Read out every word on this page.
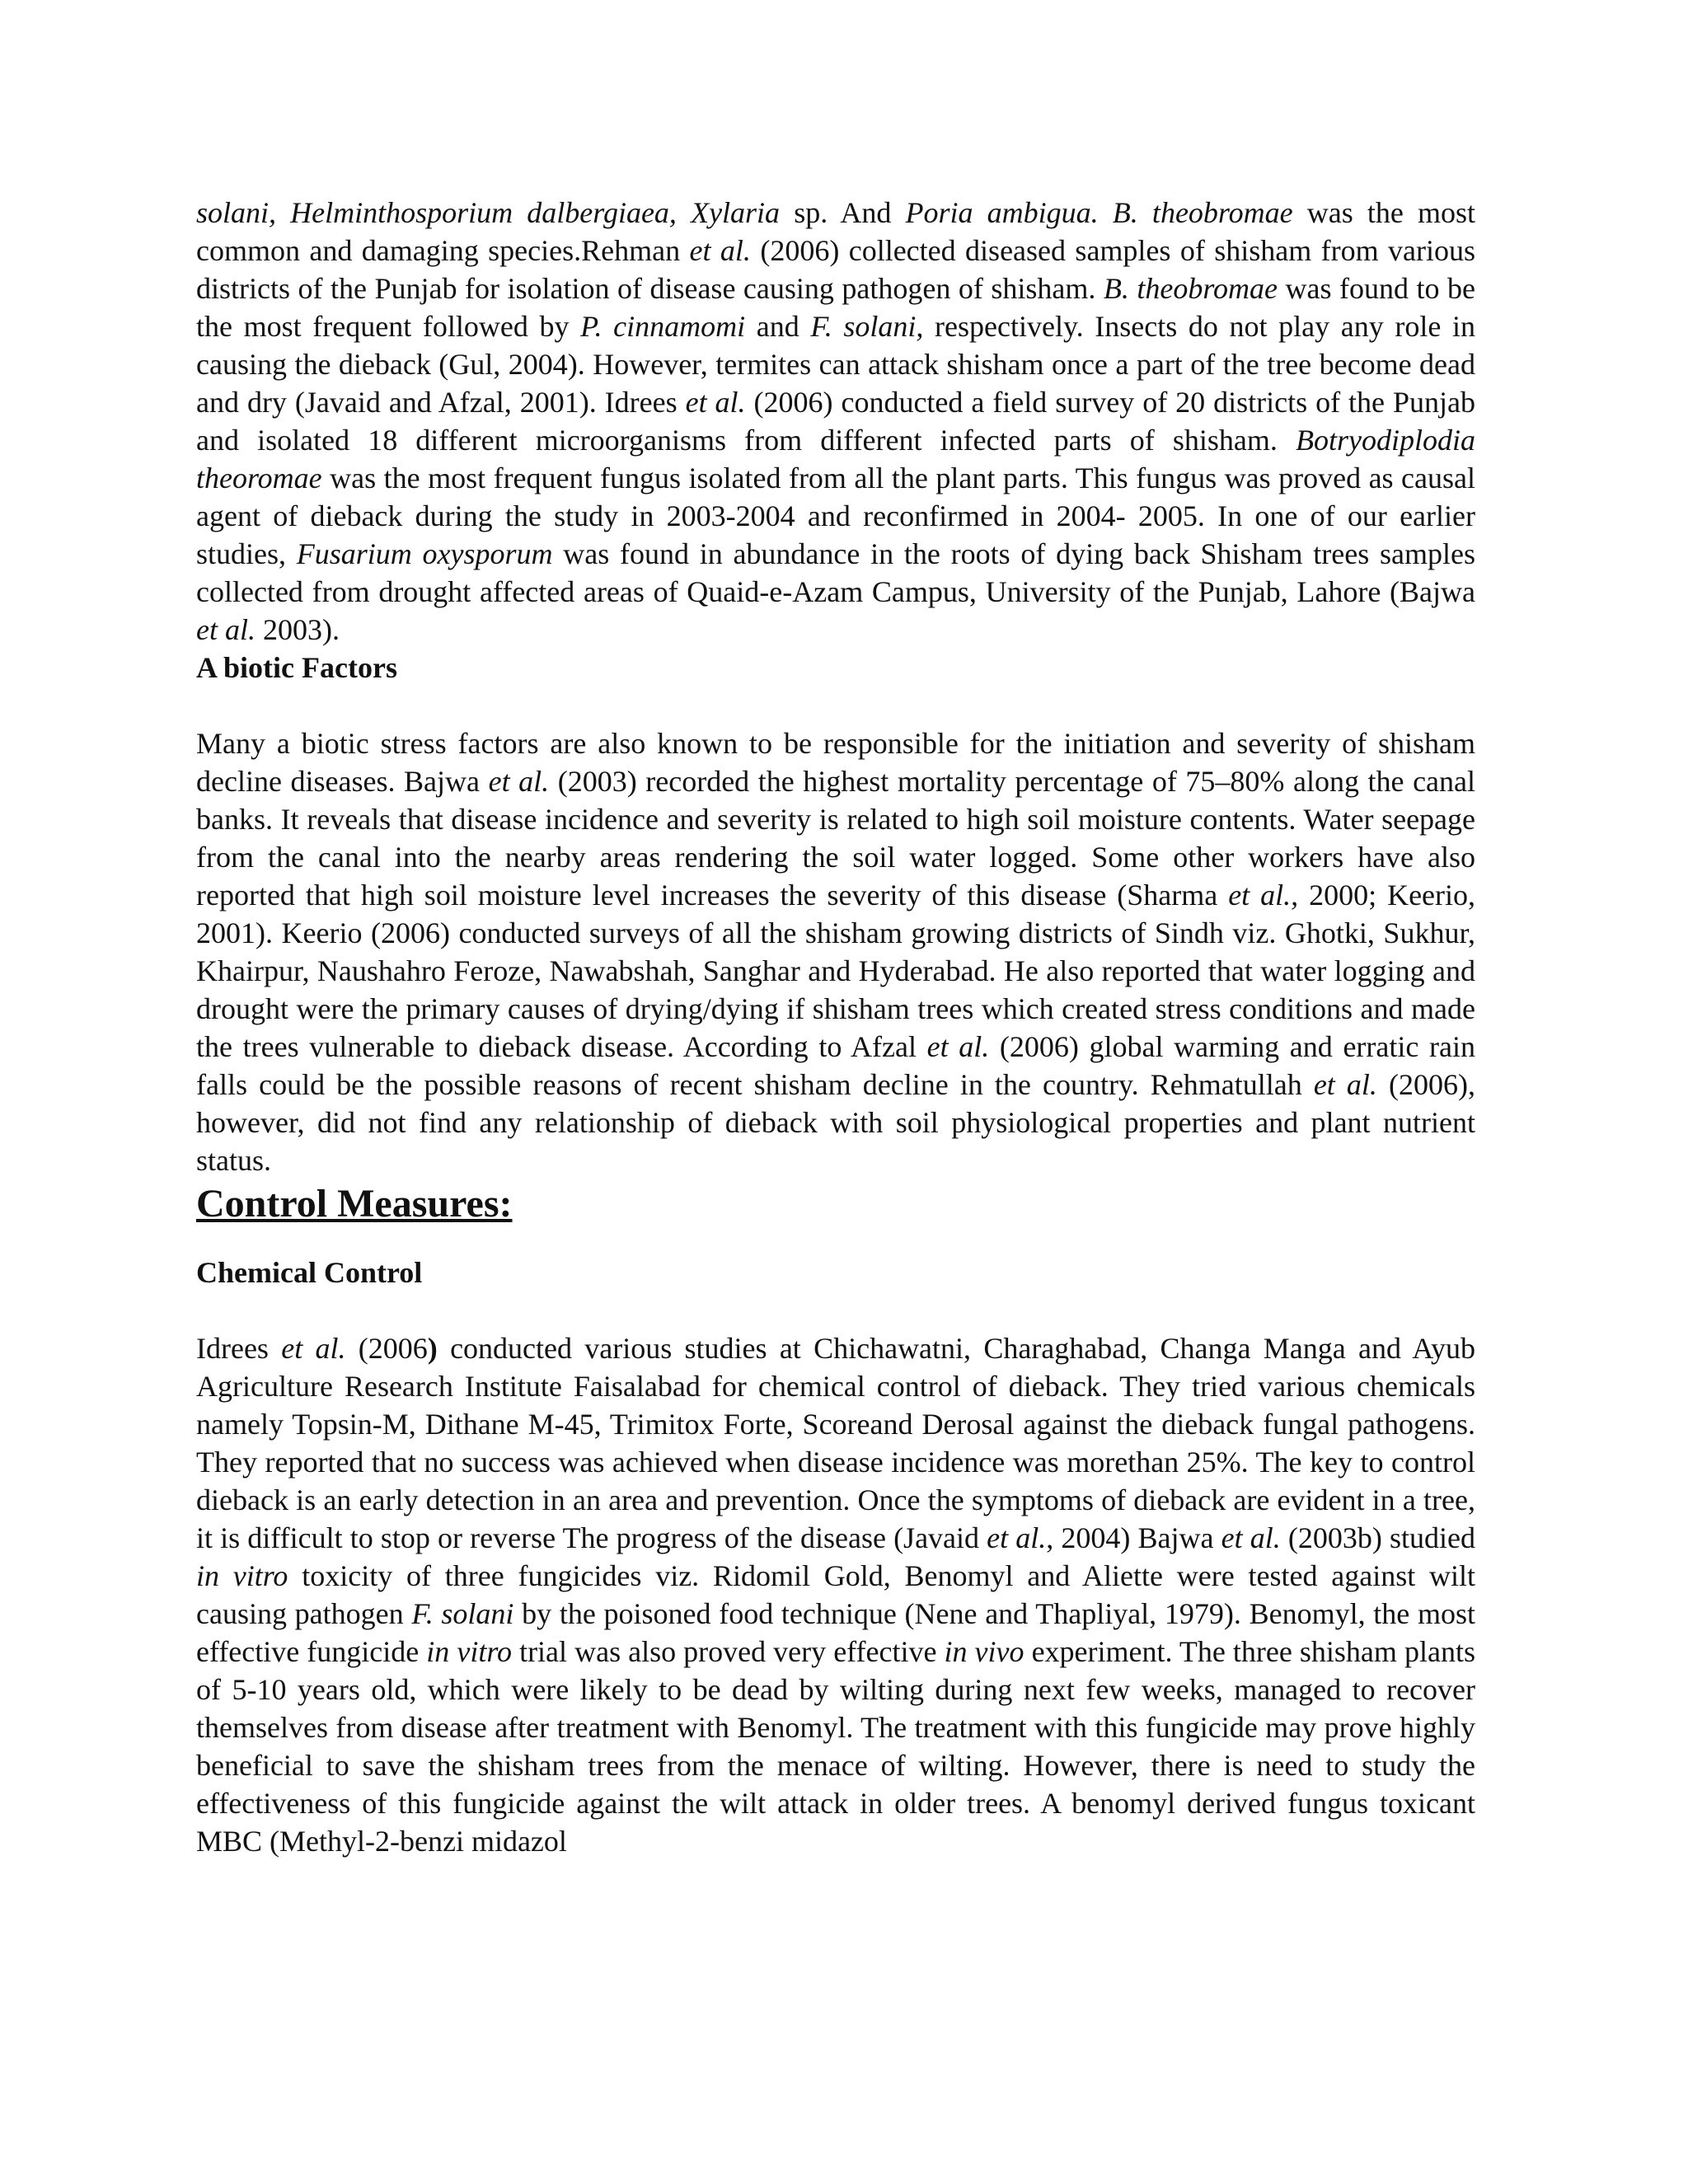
solani, Helminthosporium dalbergiaea, Xylaria sp. And Poria ambigua. B. theobromae was the most common and damaging species.Rehman et al. (2006) collected diseased samples of shisham from various districts of the Punjab for isolation of disease causing pathogen of shisham. B. theobromae was found to be the most frequent followed by P. cinnamomi and F. solani, respectively. Insects do not play any role in causing the dieback (Gul, 2004). However, termites can attack shisham once a part of the tree become dead and dry (Javaid and Afzal, 2001). Idrees et al. (2006) conducted a field survey of 20 districts of the Punjab and isolated 18 different microorganisms from different infected parts of shisham. Botryodiplodia theoromae was the most frequent fungus isolated from all the plant parts. This fungus was proved as causal agent of dieback during the study in 2003-2004 and reconfirmed in 2004- 2005. In one of our earlier studies, Fusarium oxysporum was found in abundance in the roots of dying back Shisham trees samples collected from drought affected areas of Quaid-e-Azam Campus, University of the Punjab, Lahore (Bajwa et al. 2003).

A biotic Factors

Many a biotic stress factors are also known to be responsible for the initiation and severity of shisham decline diseases. Bajwa et al. (2003) recorded the highest mortality percentage of 75–80% along the canal banks. It reveals that disease incidence and severity is related to high soil moisture contents. Water seepage from the canal into the nearby areas rendering the soil water logged. Some other workers have also reported that high soil moisture level increases the severity of this disease (Sharma et al., 2000; Keerio, 2001). Keerio (2006) conducted surveys of all the shisham growing districts of Sindh viz. Ghotki, Sukhur, Khairpur, Naushahro Feroze, Nawabshah, Sanghar and Hyderabad. He also reported that water logging and drought were the primary causes of drying/dying if shisham trees which created stress conditions and made the trees vulnerable to dieback disease. According to Afzal et al. (2006) global warming and erratic rain falls could be the possible reasons of recent shisham decline in the country. Rehmatullah et al. (2006), however, did not find any relationship of dieback with soil physiological properties and plant nutrient status.

Control Measures:

Chemical Control

Idrees et al. (2006) conducted various studies at Chichawatni, Charaghabad, Changa Manga and Ayub Agriculture Research Institute Faisalabad for chemical control of dieback. They tried various chemicals namely Topsin-M, Dithane M-45, Trimitox Forte, Scoreand Derosal against the dieback fungal pathogens. They reported that no success was achieved when disease incidence was morethan 25%. The key to control dieback is an early detection in an area and prevention. Once the symptoms of dieback are evident in a tree, it is difficult to stop or reverse The progress of the disease (Javaid et al., 2004) Bajwa et al. (2003b) studied in vitro toxicity of three fungicides viz. Ridomil Gold, Benomyl and Aliette were tested against wilt causing pathogen F. solani by the poisoned food technique (Nene and Thapliyal, 1979). Benomyl, the most effective fungicide in vitro trial was also proved very effective in vivo experiment. The three shisham plants of 5-10 years old, which were likely to be dead by wilting during next few weeks, managed to recover themselves from disease after treatment with Benomyl. The treatment with this fungicide may prove highly beneficial to save the shisham trees from the menace of wilting. However, there is need to study the effectiveness of this fungicide against the wilt attack in older trees. A benomyl derived fungus toxicant MBC (Methyl-2-benzi midazol
